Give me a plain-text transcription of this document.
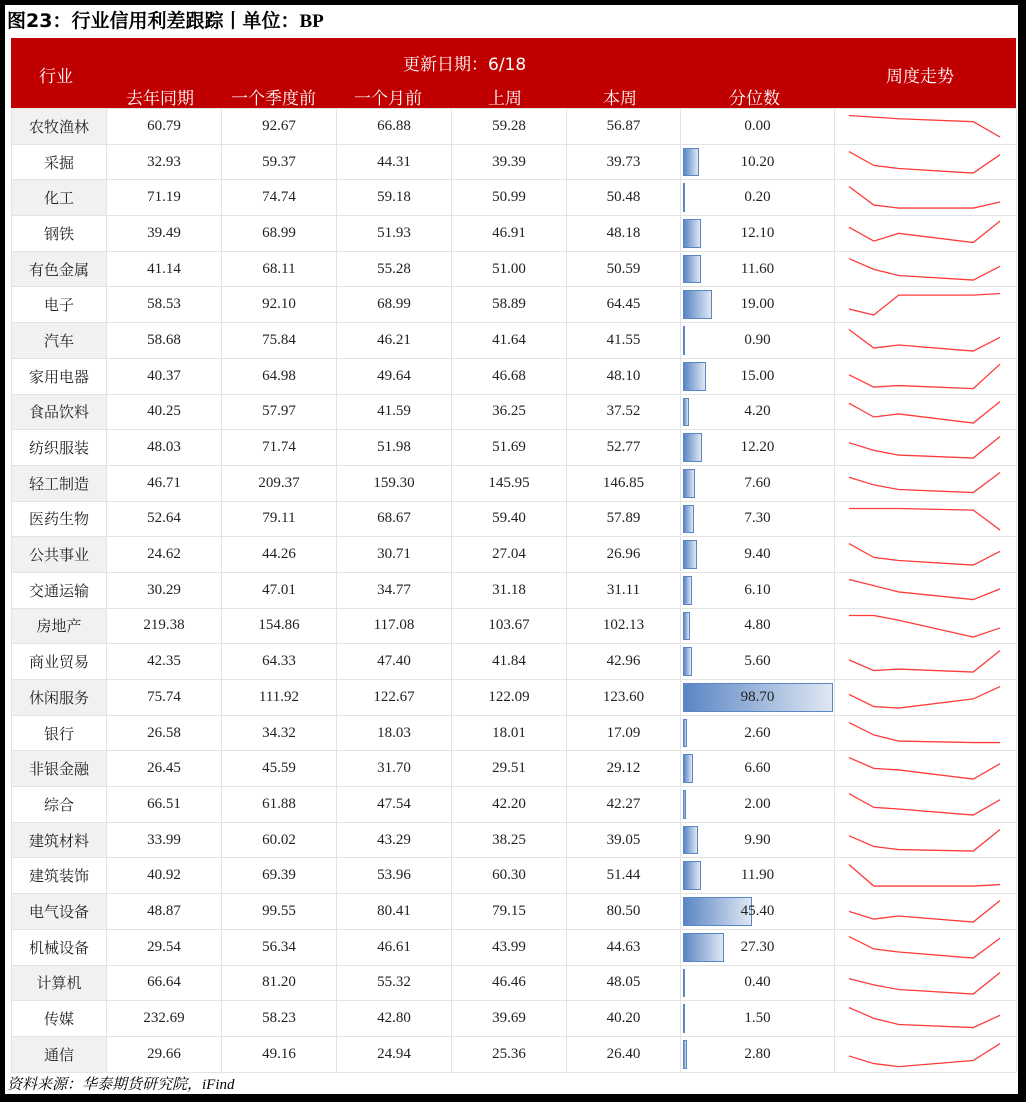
图23：行业信用利差跟踪丨单位：BP
行业
更新日期：6/18
周度走势
去年同期 一个季度前 一个月前	上周	本周	分位数
农牧渔林	60.79	92.67	66.88	59.28	56.87	0.00	

采掘	32.93	59.37	44.31	39.39	39.73	10.20	

化工	71.19	74.74	59.18	50.99	50.48	0.20	

钢铁	39.49	68.99	51.93	46.91	48.18	12.10	

有色金属	41.14	68.11	55.28	51.00	50.59	11.60	

电子	58.53	92.10	68.99	58.89	64.45	19.00	

汽车	58.68	75.84	46.21	41.64	41.55	0.90	

家用电器	40.37	64.98	49.64	46.68	48.10	15.00	

食品饮料	40.25	57.97	41.59	36.25	37.52	4.20	

纺织服装	48.03	71.74	51.98	51.69	52.77	12.20	

轻工制造	46.71	209.37	159.30	145.95	146.85	7.60	

医药生物	52.64	79.11	68.67	59.40	57.89	7.30	

公共事业	24.62	44.26	30.71	27.04	26.96	9.40	

交通运输	30.29	47.01	34.77	31.18	31.11	6.10	

房地产	219.38	154.86	117.08	103.67	102.13	4.80	

商业贸易	42.35	64.33	47.40	41.84	42.96	5.60	

休闲服务	75.74	111.92	122.67	122.09	123.60	98.70	

银行	26.58	34.32	18.03	18.01	17.09	2.60	

非银金融	26.45	45.59	31.70	29.51	29.12	6.60	

综合	66.51	61.88	47.54	42.20	42.27	2.00	

建筑材料	33.99	60.02	43.29	38.25	39.05	9.90	

建筑装饰	40.92	69.39	53.96	60.30	51.44	11.90	

电气设备	48.87	99.55	80.41	79.15	80.50	45.40	

机械设备	29.54	56.34	46.61	43.99	44.63	27.30	

计算机	66.64	81.20	55.32	46.46	48.05	0.40	

传媒	232.69	58.23	42.80	39.69	40.20	1.50	

通信	29.66	49.16	24.94	25.36	26.40	2.80	
资料来源：华泰期货研究院，iFind
